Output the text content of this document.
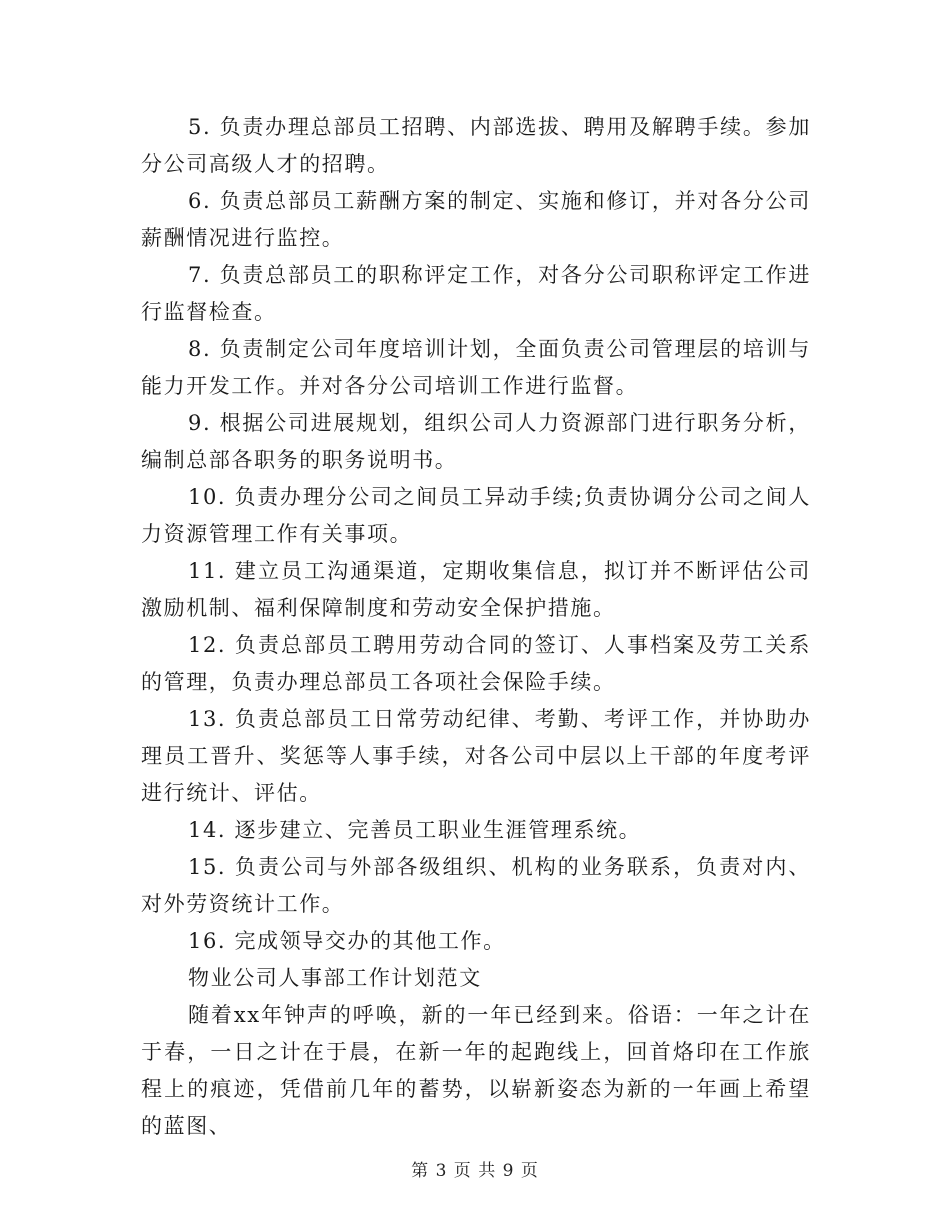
5. 负责办理总部员工招聘、内部选拔、聘用及解聘手续。参加分公司高级人才的招聘。

6. 负责总部员工薪酬方案的制定、实施和修订，并对各分公司薪酬情况进行监控。

7. 负责总部员工的职称评定工作，对各分公司职称评定工作进行监督检查。

8. 负责制定公司年度培训计划，全面负责公司管理层的培训与能力开发工作。并对各分公司培训工作进行监督。

9. 根据公司进展规划，组织公司人力资源部门进行职务分析，编制总部各职务的职务说明书。

10. 负责办理分公司之间员工异动手续;负责协调分公司之间人力资源管理工作有关事项。

11. 建立员工沟通渠道，定期收集信息，拟订并不断评估公司激励机制、福利保障制度和劳动安全保护措施。

12. 负责总部员工聘用劳动合同的签订、人事档案及劳工关系的管理，负责办理总部员工各项社会保险手续。

13. 负责总部员工日常劳动纪律、考勤、考评工作，并协助办理员工晋升、奖惩等人事手续，对各公司中层以上干部的年度考评进行统计、评估。

14. 逐步建立、完善员工职业生涯管理系统。

15. 负责公司与外部各级组织、机构的业务联系，负责对内、对外劳资统计工作。

16. 完成领导交办的其他工作。

物业公司人事部工作计划范文

随着xx年钟声的呼唤，新的一年已经到来。俗语：一年之计在于春，一日之计在于晨，在新一年的起跑线上，回首烙印在工作旅程上的痕迹，凭借前几年的蓄势，以崭新姿态为新的一年画上希望的蓝图、

第 3 页 共 9 页
